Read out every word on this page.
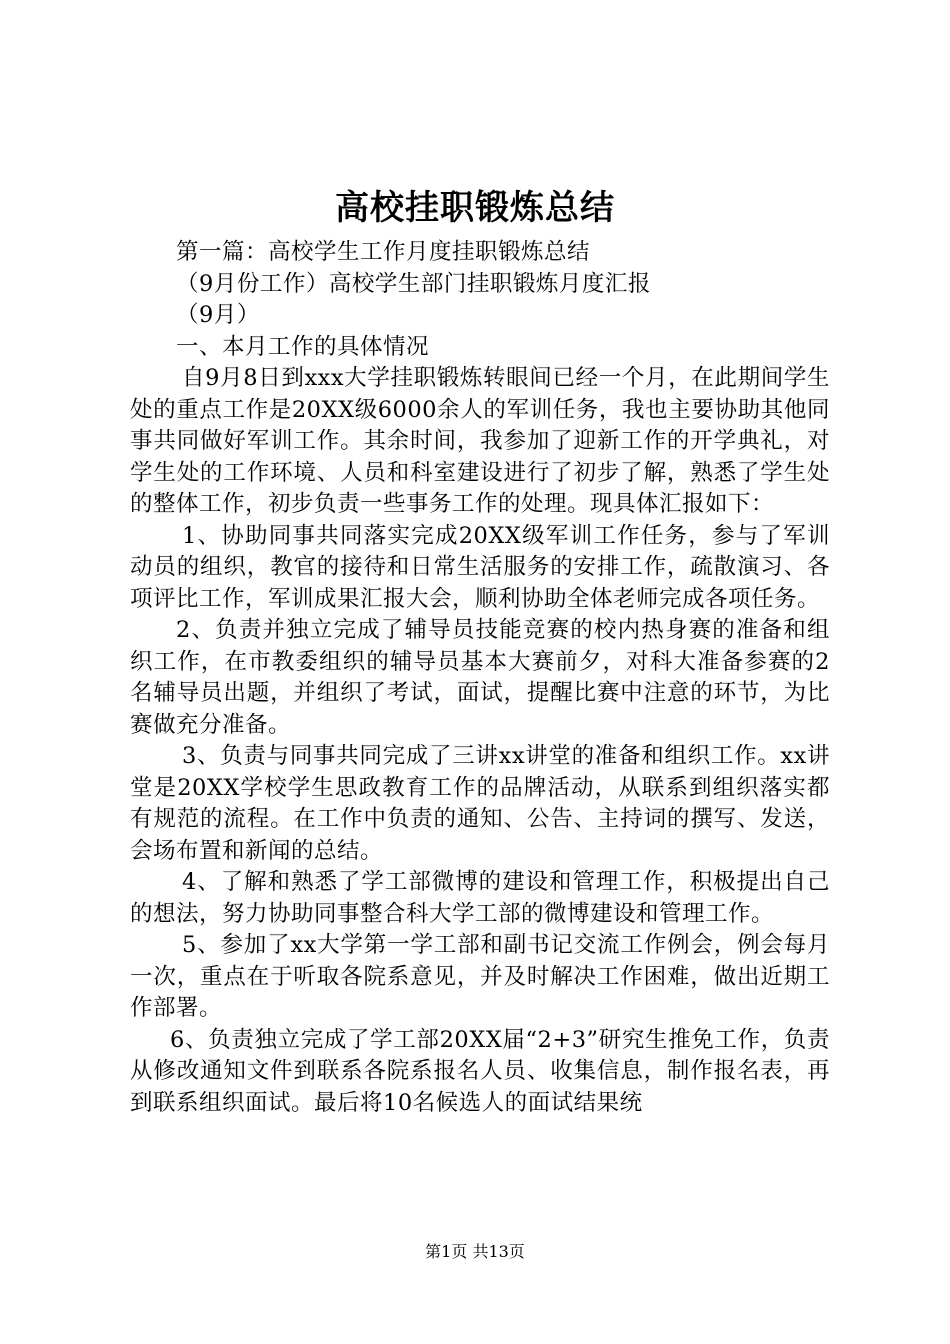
高校挂职锻炼总结

第一篇：高校学生工作月度挂职锻炼总结

（9月份工作）高校学生部门挂职锻炼月度汇报

（9月）

一、本月工作的具体情况

自9月8日到xxx大学挂职锻炼转眼间已经一个月，在此期间学生处的重点工作是20XX级6000余人的军训任务，我也主要协助其他同事共同做好军训工作。其余时间，我参加了迎新工作的开学典礼，对学生处的工作环境、人员和科室建设进行了初步了解，熟悉了学生处的整体工作，初步负责一些事务工作的处理。现具体汇报如下：

1、协助同事共同落实完成20XX级军训工作任务，参与了军训动员的组织，教官的接待和日常生活服务的安排工作，疏散演习、各项评比工作，军训成果汇报大会，顺利协助全体老师完成各项任务。

2、负责并独立完成了辅导员技能竞赛的校内热身赛的准备和组织工作，在市教委组织的辅导员基本大赛前夕，对科大准备参赛的2名辅导员出题，并组织了考试，面试，提醒比赛中注意的环节，为比赛做充分准备。

3、负责与同事共同完成了三讲xx讲堂的准备和组织工作。xx讲堂是20XX学校学生思政教育工作的品牌活动，从联系到组织落实都有规范的流程。在工作中负责的通知、公告、主持词的撰写、发送，会场布置和新闻的总结。

4、了解和熟悉了学工部微博的建设和管理工作，积极提出自己的想法，努力协助同事整合科大学工部的微博建设和管理工作。

5、参加了xx大学第一学工部和副书记交流工作例会，例会每月一次，重点在于听取各院系意见，并及时解决工作困难，做出近期工作部署。

6、负责独立完成了学工部20XX届“2+3”研究生推免工作，负责从修改通知文件到联系各院系报名人员、收集信息，制作报名表，再到联系组织面试。最后将10名候选人的面试结果统

第1页 共13页
